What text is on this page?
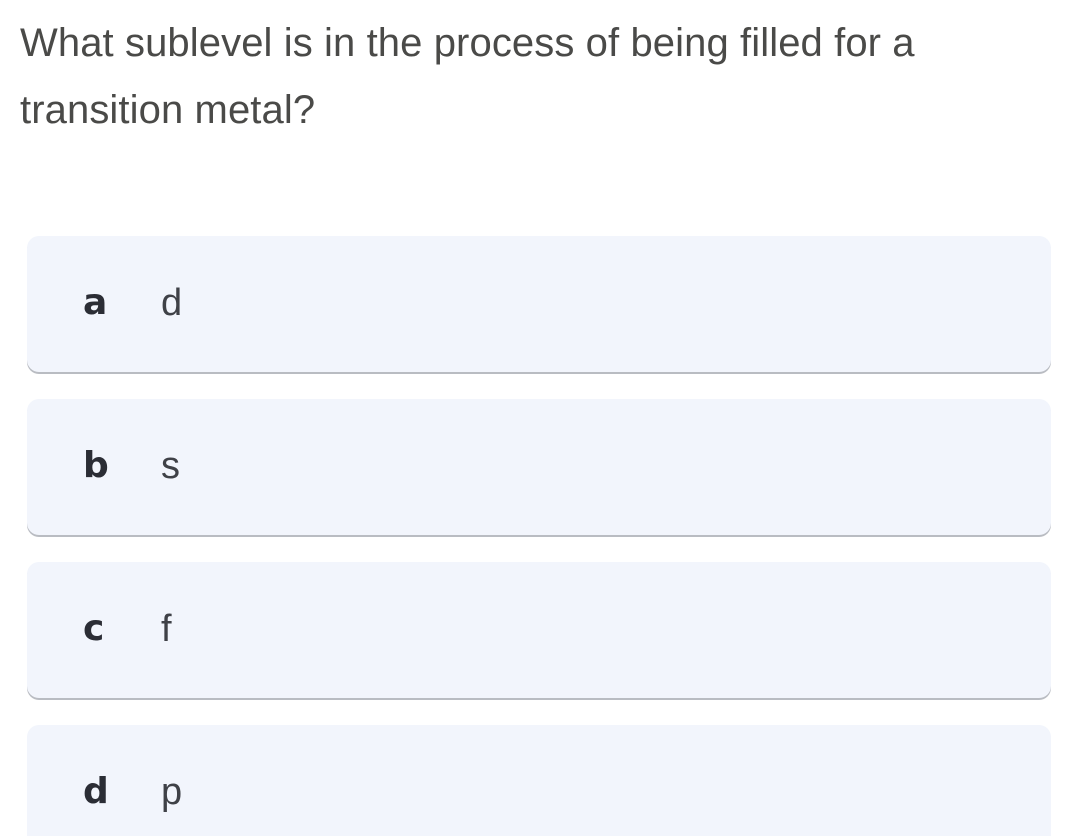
What sublevel is in the process of being filled for a transition metal?

a d
b s
c f
d p
